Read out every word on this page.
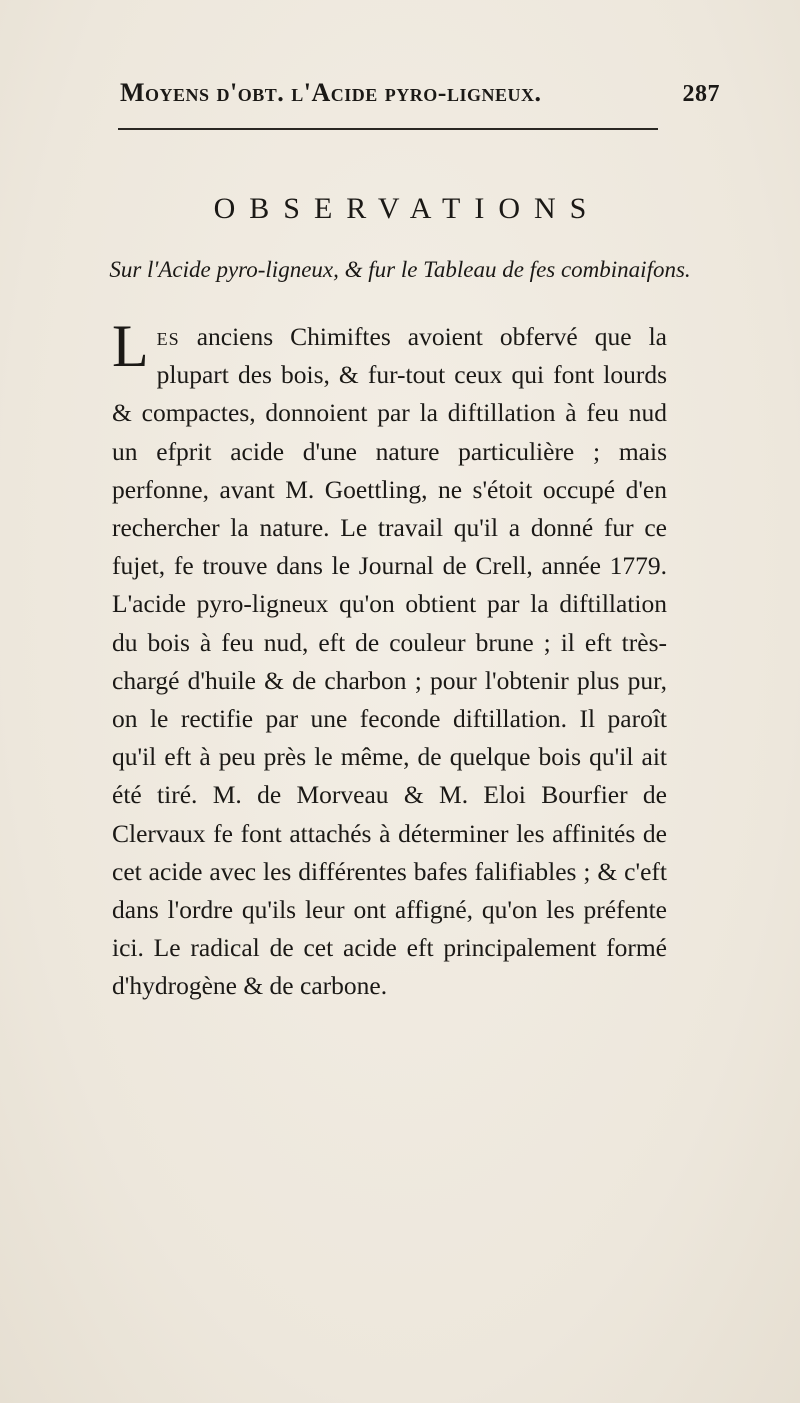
Moyens d'obt. l'Acide pyro-ligneux.	287
OBSERVATIONS
Sur l'Acide pyro-ligneux, & fur le Tableau de fes combinaifons.
Les anciens Chimiftes avoient obfervé que la plupart des bois, & fur-tout ceux qui font lourds & compactes, donnoient par la diftillation à feu nud un efprit acide d'une nature particulière ; mais perfonne, avant M. Goettling, ne s'étoit occupé d'en rechercher la nature. Le travail qu'il a donné fur ce fujet, fe trouve dans le Journal de Crell, année 1779. L'acide pyro-ligneux qu'on obtient par la diftillation du bois à feu nud, eft de couleur brune ; il eft très-chargé d'huile & de charbon ; pour l'obtenir plus pur, on le rectifie par une feconde diftillation. Il paroît qu'il eft à peu près le même, de quelque bois qu'il ait été tiré. M. de Morveau & M. Eloi Bourfier de Clervaux fe font attachés à déterminer les affinités de cet acide avec les différentes bafes falifiables ; & c'eft dans l'ordre qu'ils leur ont affigné, qu'on les préfente ici. Le radical de cet acide eft principalement formé d'hydrogène & de carbone.
